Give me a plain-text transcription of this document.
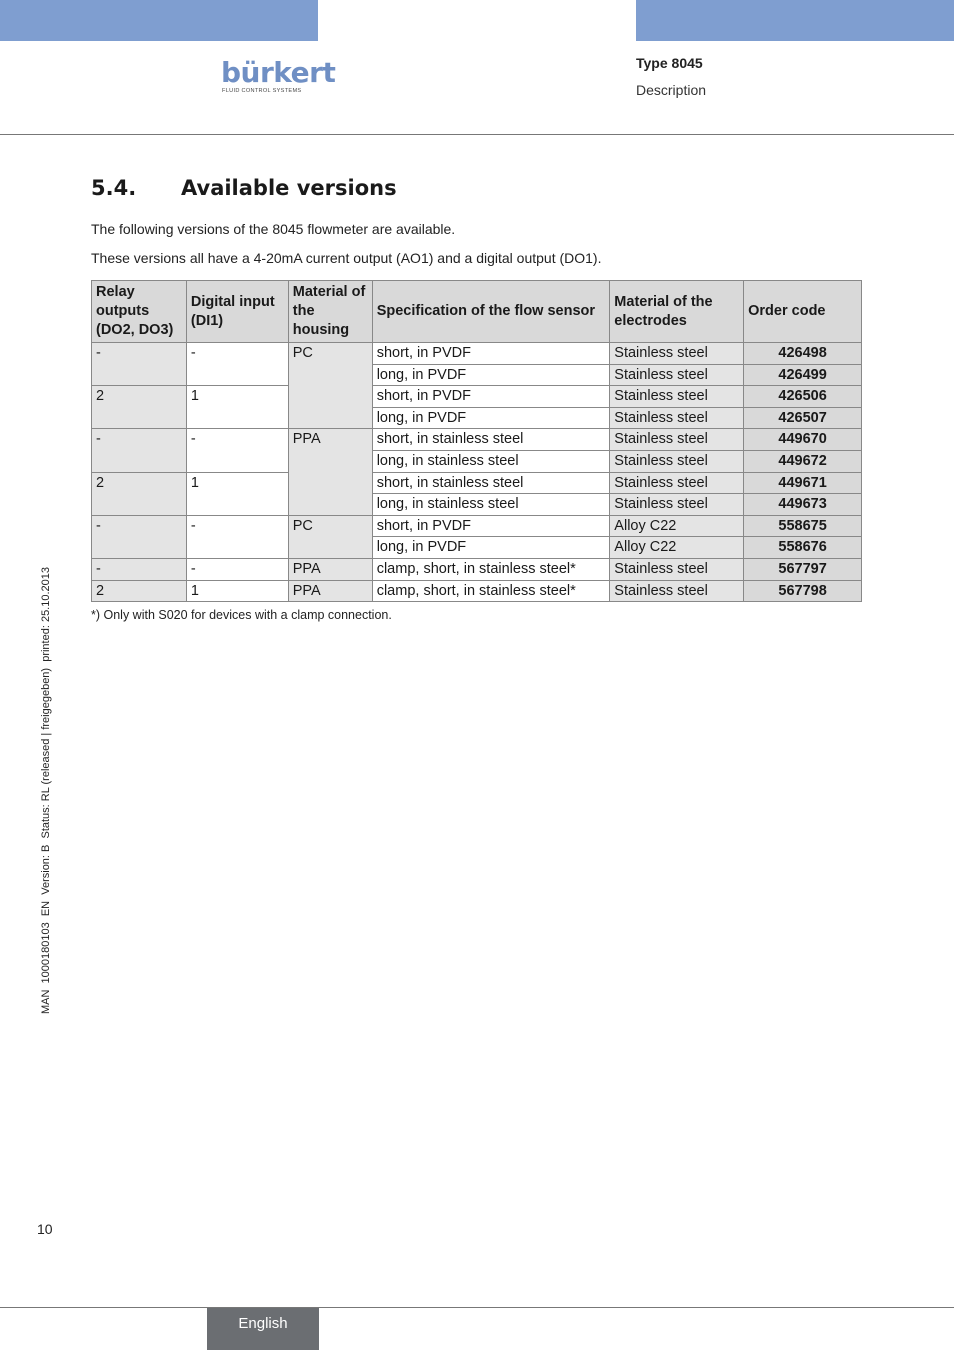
bürkert
FLUID CONTROL SYSTEMS
Type 8045
Description
5.4. Available versions
The following versions of the 8045 flowmeter are available.
These versions all have a 4-20mA current output (AO1) and a digital output (DO1).
Relay outputs (DO2, DO3)	Digital input (DI1)	Material of the housing	Specification of the flow sensor	Material of the electrodes	Order code
-	-	PC	short, in PVDF	Stainless steel	426498
			long, in PVDF	Stainless steel	426499
2	1		short, in PVDF	Stainless steel	426506
			long, in PVDF	Stainless steel	426507
-	-	PPA	short, in stainless steel	Stainless steel	449670
			long, in stainless steel	Stainless steel	449672
2	1		short, in stainless steel	Stainless steel	449671
			long, in stainless steel	Stainless steel	449673
-	-	PC	short, in PVDF	Alloy C22	558675
			long, in PVDF	Alloy C22	558676
-	-	PPA	clamp, short, in stainless steel*	Stainless steel	567797
2	1	PPA	clamp, short, in stainless steel*	Stainless steel	567798
*) Only with S020 for devices with a clamp connection.
MAN  1000180103  EN  Version: B  Status: RL (released | freigegeben)  printed: 25.10.2013
10
English
